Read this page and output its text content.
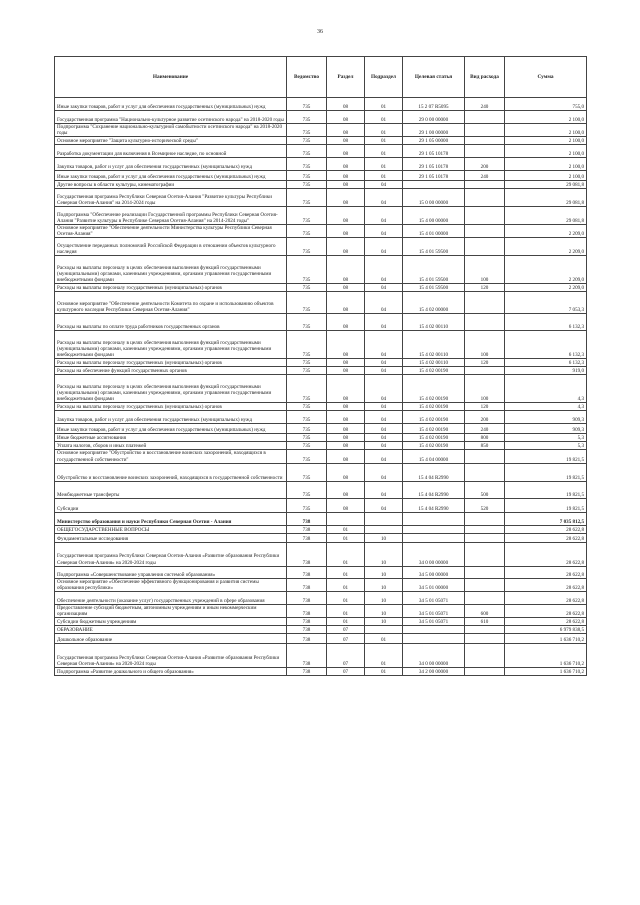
36
Наименование	Ведомство	Раздел	Подраздел	Целевая статья	Вид расхода	Сумма
Иные закупки товаров, работ и услуг для обеспечения государственных (муниципальных) нужд	735	08	01	15 2 07 R5095	240	755,0
Государственная программа "Национально-культурное развитие осетинского народа" на 2018-2020 годы	735	08	01	29 0 00 00000		2 100,0
Подпрограмма "Сохранение национально-культурной самобытности осетинского народа" на 2018-2020 годы	735	08	01	29 1 00 00000		2 100,0
Основное мероприятие "Защита культурно-исторической среды"	735	08	01	29 1 05 00000		2 100,0
Разработка документации для включения в Всемирное наследие, по основной	735	08	01	29 1 05 10178		2 100,0
Закупка товаров, работ и услуг для обеспечения государственных (муниципальных) нужд	735	08	01	29 1 05 10178	200	2 100,0
Иные закупки товаров, работ и услуг для обеспечения государственных (муниципальных) нужд	735	08	01	29 1 05 10178	240	2 100,0
Другие вопросы в области культуры, кинематографии	735	08	04			29 081,8
Государственная программа Республики Северная Осетия-Алания "Развитие культуры Республики Северная Осетия-Алания" на 2014-2024 годы	735	08	04	15 0 00 00000		29 081,8
Подпрограмма "Обеспечение реализации Государственной программы Республики Северная Осетия-Алания "Развитие культуры в Республике Северная Осетия-Алания" на 2014-2024 годы"	735	08	04	15 4 00 00000		29 081,8
Основное мероприятие "Обеспечение деятельности Министерства культуры Республики Северная Осетия-Алания"	735	08	04	15 4 01 00000		2 209,0
Осуществление переданных полномочий Российской Федерации в отношении объектов культурного наследия	735	08	04	15 4 01 59500		2 209,0
Расходы на выплаты персоналу в целях обеспечения выполнения функций государственными (муниципальными) органами, казенными учреждениями, органами управления государственными внебюджетными фондами	735	08	04	15 4 01 59500	100	2 209,0
Расходы на выплаты персоналу государственных (муниципальных) органов	735	08	04	15 4 01 59500	120	2 209,0
Основное мероприятие "Обеспечение деятельности Комитета по охране и использованию объектов культурного наследия Республики Северная Осетия-Алания"	735	08	04	15 4 02 00000		7 053,3
Расходы на выплаты по оплате труда работников государственных органов	735	08	04	15 4 02 00110		6 132,3
Расходы на выплаты персоналу в целях обеспечения выполнения функций государственными (муниципальными) органами, казенными учреждениями, органами управления государственными внебюджетными фондами	735	08	04	15 4 02 00110	100	6 132,3
Расходы на выплаты персоналу государственных (муниципальных) органов	735	08	04	15 4 02 00110	120	6 132,3
Расходы на обеспечение функций государственных органов	735	08	04	15 4 02 00190		919,0
Расходы на выплаты персоналу в целях обеспечения выполнения функций государственными (муниципальными) органами, казенными учреждениями, органами управления государственными внебюджетными фондами	735	08	04	15 4 02 00190	100	4,3
Расходы на выплаты персоналу государственных (муниципальных) органов	735	08	04	15 4 02 00190	120	4,3
Закупка товаров, работ и услуг для обеспечения государственных (муниципальных) нужд	735	08	04	15 4 02 00190	200	909,3
Иные закупки товаров, работ и услуг для обеспечения государственных (муниципальных) нужд	735	08	04	15 4 02 00190	240	909,3
Иные бюджетные ассигнования	735	08	04	15 4 02 00190	800	5,3
Уплата налогов, сборов и иных платежей	735	08	04	15 4 02 00190	850	5,3
Основное мероприятие "Обустройство и восстановление воинских захоронений, находящихся в государственной собственности"	735	08	04	15 4 04 00000		19 821,5
Обустройство и восстановление воинских захоронений, находящихся в государственной собственности	735	08	04	15 4 04 R2990		19 821,5
Межбюджетные трансферты	735	08	04	15 4 04 R2990	500	19 821,5
Субсидии	735	08	04	15 4 04 R2990	520	19 821,5
Министерство образования и науки Республики Северная Осетия - Алания	738					7 035 812,5
ОБЩЕГОСУДАРСТВЕННЫЕ ВОПРОСЫ	738	01				28 622,8
Фундаментальные исследования	738	01	10			28 622,8
Государственная программа Республики Северная Осетия-Алания «Развитие образования Республики Северная Осетия-Алания» на 2020-2024 годы	738	01	10	34 0 00 00000		28 622,8
Подпрограмма «Совершенствование управления системой образования»	738	01	10	34 5 00 00000		28 622,8
Основное мероприятие «Обеспечение эффективного функционирования и развития системы образования республики»	738	01	10	34 5 01 00000		28 622,8
Обеспечение деятельности (оказание услуг) государственных учреждений в сфере образования	738	01	10	34 5 01 05071		28 622,8
Предоставление субсидий бюджетным, автономным учреждениям и иным некоммерческим организациям	738	01	10	34 5 01 05071	600	28 622,8
Субсидии бюджетным учреждениям	738	01	10	34 5 01 05071	610	28 622,8
ОБРАЗОВАНИЕ	738	07				6 979 838,5
Дошкольное образование	738	07	01			1 636 710,2
Государственная программа Республики Северная Осетия-Алания «Развитие образования Республики Северная Осетия-Алания» на 2020-2024 годы	738	07	01	34 0 00 00000		1 636 710,2
Подпрограмма «Развитие дошкольного и общего образования»	738	07	01	34 2 00 00000		1 636 710,2
